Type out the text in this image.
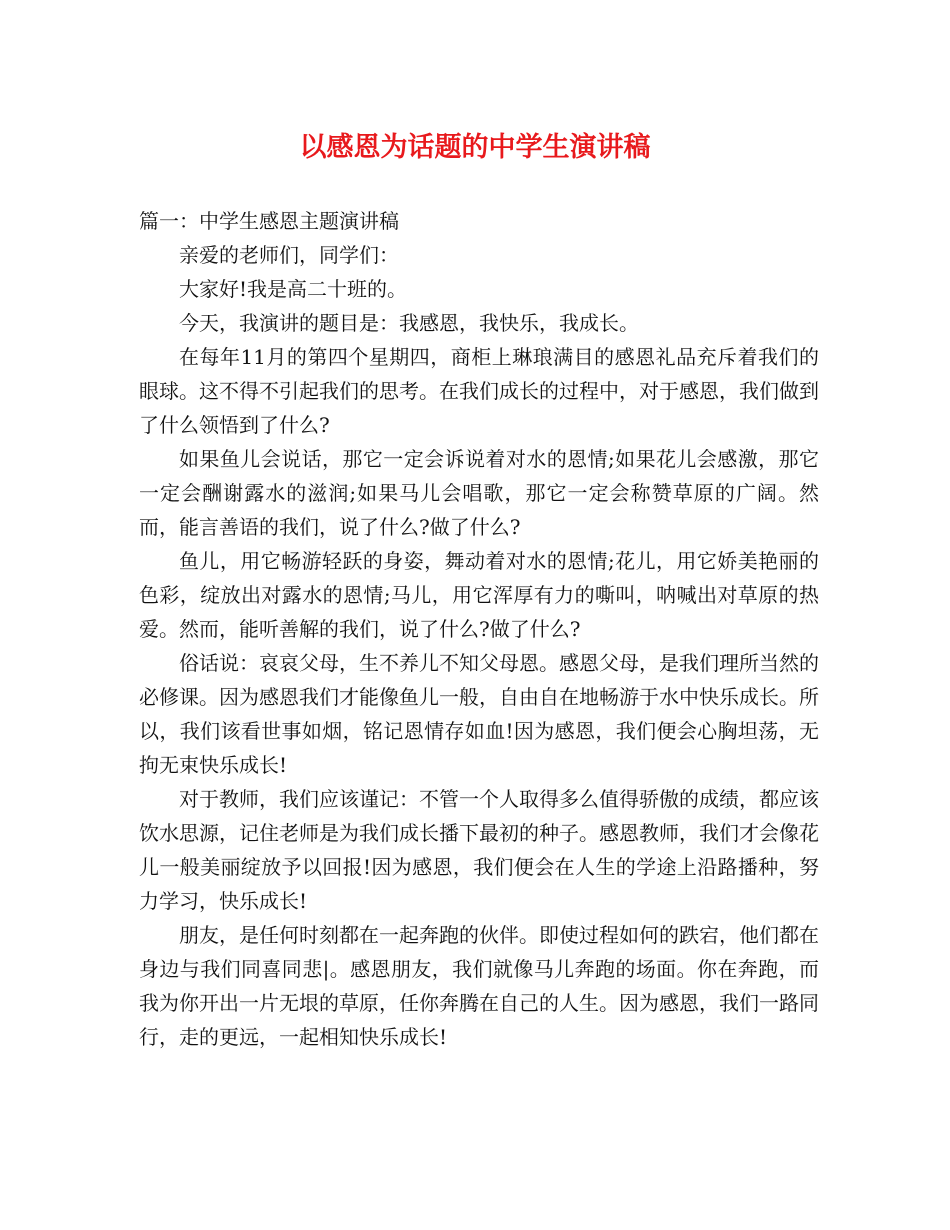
以感恩为话题的中学生演讲稿

篇一：中学生感恩主题演讲稿

亲爱的老师们，同学们：

大家好!我是高二十班的。

今天，我演讲的题目是：我感恩，我快乐，我成长。

在每年11月的第四个星期四，商柜上琳琅满目的感恩礼品充斥着我们的眼球。这不得不引起我们的思考。在我们成长的过程中，对于感恩，我们做到了什么领悟到了什么?

如果鱼儿会说话，那它一定会诉说着对水的恩情;如果花儿会感激，那它一定会酬谢露水的滋润;如果马儿会唱歌，那它一定会称赞草原的广阔。然而，能言善语的我们，说了什么?做了什么?

鱼儿，用它畅游轻跃的身姿，舞动着对水的恩情;花儿，用它娇美艳丽的色彩，绽放出对露水的恩情;马儿，用它浑厚有力的嘶叫，呐喊出对草原的热爱。然而，能听善解的我们，说了什么?做了什么?

俗话说：哀哀父母，生不养儿不知父母恩。感恩父母，是我们理所当然的必修课。因为感恩我们才能像鱼儿一般，自由自在地畅游于水中快乐成长。所以，我们该看世事如烟，铭记恩情存如血!因为感恩，我们便会心胸坦荡，无拘无束快乐成长!

对于教师，我们应该谨记：不管一个人取得多么值得骄傲的成绩，都应该饮水思源，记住老师是为我们成长播下最初的种子。感恩教师，我们才会像花儿一般美丽绽放予以回报!因为感恩，我们便会在人生的学途上沿路播种，努力学习，快乐成长!

朋友，是任何时刻都在一起奔跑的伙伴。即使过程如何的跌宕，他们都在身边与我们同喜同悲|。感恩朋友，我们就像马儿奔跑的场面。你在奔跑，而我为你开出一片无垠的草原，任你奔腾在自己的人生。因为感恩，我们一路同行，走的更远，一起相知快乐成长!
